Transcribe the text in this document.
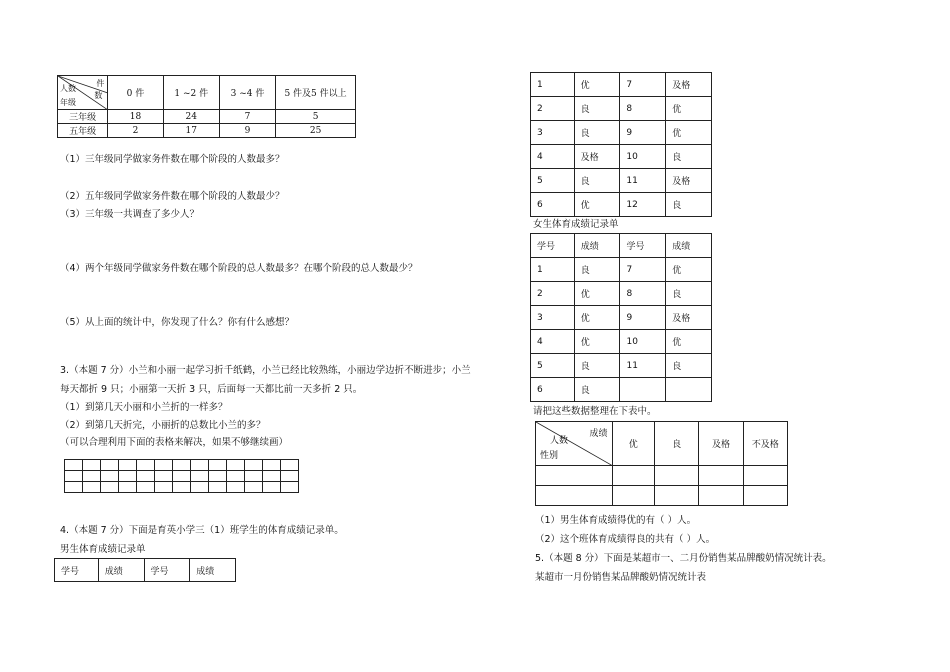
件
人数
数
年级	0 件	1 ~2 件	3 ~4 件	5 件及5 件以上
三年级	18	24	7	5
五年级	2	17	9	25
（1）三年级同学做家务件数在哪个阶段的人数最多？
（2）五年级同学做家务件数在哪个阶段的人数最少？
（3）三年级一共调查了多少人？
（4）两个年级同学做家务件数在哪个阶段的总人数最多？在哪个阶段的总人数最少？
（5）从上面的统计中，你发现了什么？你有什么感想？
3.（本题 7 分）小兰和小丽一起学习折千纸鹤，小兰已经比较熟练，小丽边学边折不断进步；小兰
每天都折 9 只；小丽第一天折 3 只，后面每一天都比前一天多折 2 只。
（1）到第几天小丽和小兰折的一样多？
（2）到第几天折完，小丽折的总数比小兰的多？
（可以合理利用下面的表格来解决，如果不够继续画）

4.（本题 7 分）下面是育英小学三（1）班学生的体育成绩记录单。
男生体育成绩记录单
学号	成绩	学号	成绩
1	优	7	及格
2	良	8	优
3	良	9	优
4	及格	10	良
5	良	11	及格
6	优	12	良
女生体育成绩记录单
学号	成绩	学号	成绩
1	良	7	优
2	优	8	良
3	优	9	及格
4	优	10	优
5	良	11	良
6	良		
请把这些数据整理在下表中。
成绩
人数
性别	优	良	及格	不及格

（1）男生体育成绩得优的有（ ）人。
（2）这个班体育成绩得良的共有（ ）人。
5.（本题 8 分）下面是某超市一、二月份销售某品牌酸奶情况统计表。
某超市一月份销售某品牌酸奶情况统计表
